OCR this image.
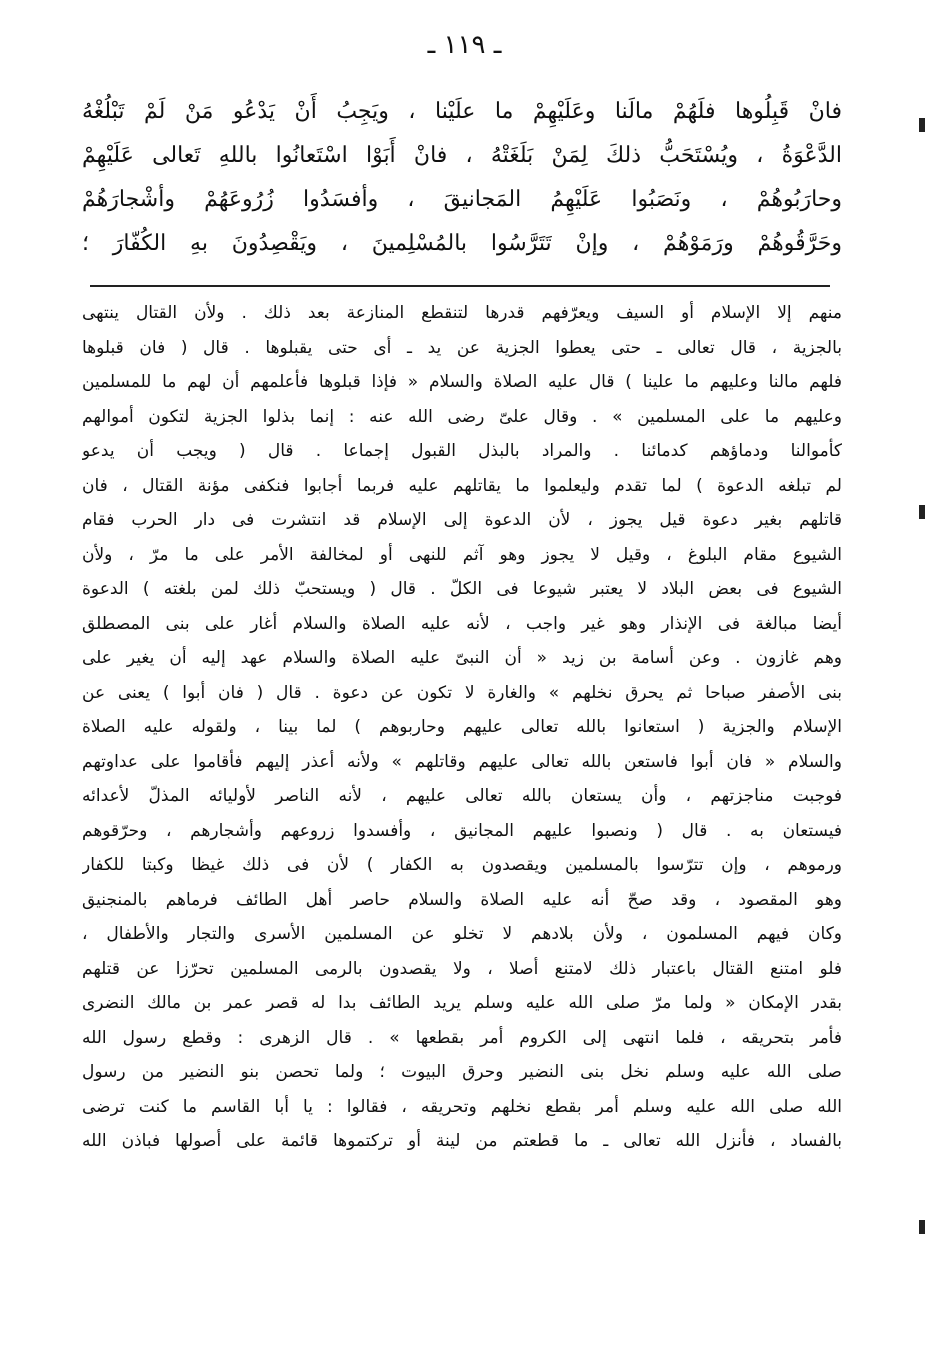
ـ ١١٩ ـ
فانْ قَبِلُوها فلَهُمْ مالَنا وعَلَيْهِمْ ما علَيْنا ، ويَجِبُ أَنْ يَدْعُو مَنْ لَمْ تَبْلُغْهُ
الدَّعْوَةُ ، ويُسْتَحَبُّ ذلكَ لِمَنْ بَلَغَتْهُ ، فانْ أَبَوْا اسْتَعانُوا باللهِ تَعالى عَلَيْهِمْ
وحارَبُوهُمْ ، ونَصَبُوا عَلَيْهِمُ المَجانيقَ ، وأفسَدُوا زُرُوعَهُمْ وأشْجارَهُمْ
وحَرَّقُوهُمْ ورَمَوْهُمْ ، وإنْ تَتَرَّسُوا بالمُسْلِمينَ ، ويَقْصِدُونَ بهِ الكُفّارَ ؛
منهم إلا الإسلام أو السيف ويعرّفهم قدرها لتنقطع المنازعة بعد ذلك . ولأن القتال ينتهى
بالجزية ، قال تعالى ـ حتى يعطوا الجزية عن يد ـ أى حتى يقبلوها . قال ( فان قبلوها
فلهم مالنا وعليهم ما علينا ) قال عليه الصلاة والسلام « فإذا قبلوها فأعلمهم أن لهم ما للمسلمين
وعليهم ما على المسلمين » . وقال علىّ رضى الله عنه : إنما بذلوا الجزية لتكون أموالهم
كأموالنا ودماؤهم كدمائنا . والمراد بالبذل القبول إجماعا . قال ( ويجب أن يدعو
لم تبلغه الدعوة ) لما تقدم وليعلموا ما يقاتلهم عليه فربما أجابوا فنكفى مؤنة القتال ، فان
قاتلهم بغير دعوة قيل يجوز ، لأن الدعوة إلى الإسلام قد انتشرت فى دار الحرب فقام
الشيوع مقام البلوغ ، وقيل لا يجوز وهو آثم للنهى أو لمخالفة الأمر على ما مرّ ، ولأن
الشيوع فى بعض البلاد لا يعتبر شيوعا فى الكلّ . قال ( ويستحبّ ذلك لمن بلغته ) الدعوة
أيضا مبالغة فى الإنذار وهو غير واجب ، لأنه عليه الصلاة والسلام أغار على بنى المصطلق
وهم غازون . وعن أسامة بن زيد « أن النبىّ عليه الصلاة والسلام عهد إليه أن يغير على
بنى الأصفر صباحا ثم يحرق نخلهم » والغارة لا تكون عن دعوة . قال ( فان أبوا ) يعنى عن
الإسلام والجزية ( استعانوا بالله تعالى عليهم وحاربوهم ) لما بينا ، ولقوله عليه الصلاة
والسلام « فان أبوا فاستعن بالله تعالى عليهم وقاتلهم » ولأنه أعذر إليهم فأقاموا على عداوتهم
فوجبت مناجزتهم ، وأن يستعان بالله تعالى عليهم ، لأنه الناصر لأوليائه المذلّ لأعدائه
فيستعان به . قال ( ونصبوا عليهم المجانيق ، وأفسدوا زروعهم وأشجارهم ، وحرّقوهم
ورموهم ، وإن تترّسوا بالمسلمين ويقصدون به الكفار ) لأن فى ذلك غيظا وكبتا للكفار
وهو المقصود ، وقد صحّ أنه عليه الصلاة والسلام حاصر أهل الطائف فرماهم بالمنجنيق
وكان فيهم المسلمون ، ولأن بلادهم لا تخلو عن المسلمين الأسرى والتجار والأطفال ،
فلو امتنع القتال باعتبار ذلك لامتنع أصلا ، ولا يقصدون بالرمى المسلمين تحرّزا عن قتلهم
بقدر الإمكان « ولما مرّ صلى الله عليه وسلم يريد الطائف بدا له قصر عمر بن مالك النضرى
فأمر بتحريقه ، فلما انتهى إلى الكروم أمر بقطعها » . قال الزهرى : وقطع رسول الله
صلى الله عليه وسلم نخل بنى النضير وحرق البيوت ؛ ولما تحصن بنو النضير من رسول
الله صلى الله عليه وسلم أمر بقطع نخلهم وتحريقه ، فقالوا : يا أبا القاسم ما كنت ترضى
بالفساد ، فأنزل الله تعالى ـ ما قطعتم من لينة أو تركتموها قائمة على أصولها فباذن الله
